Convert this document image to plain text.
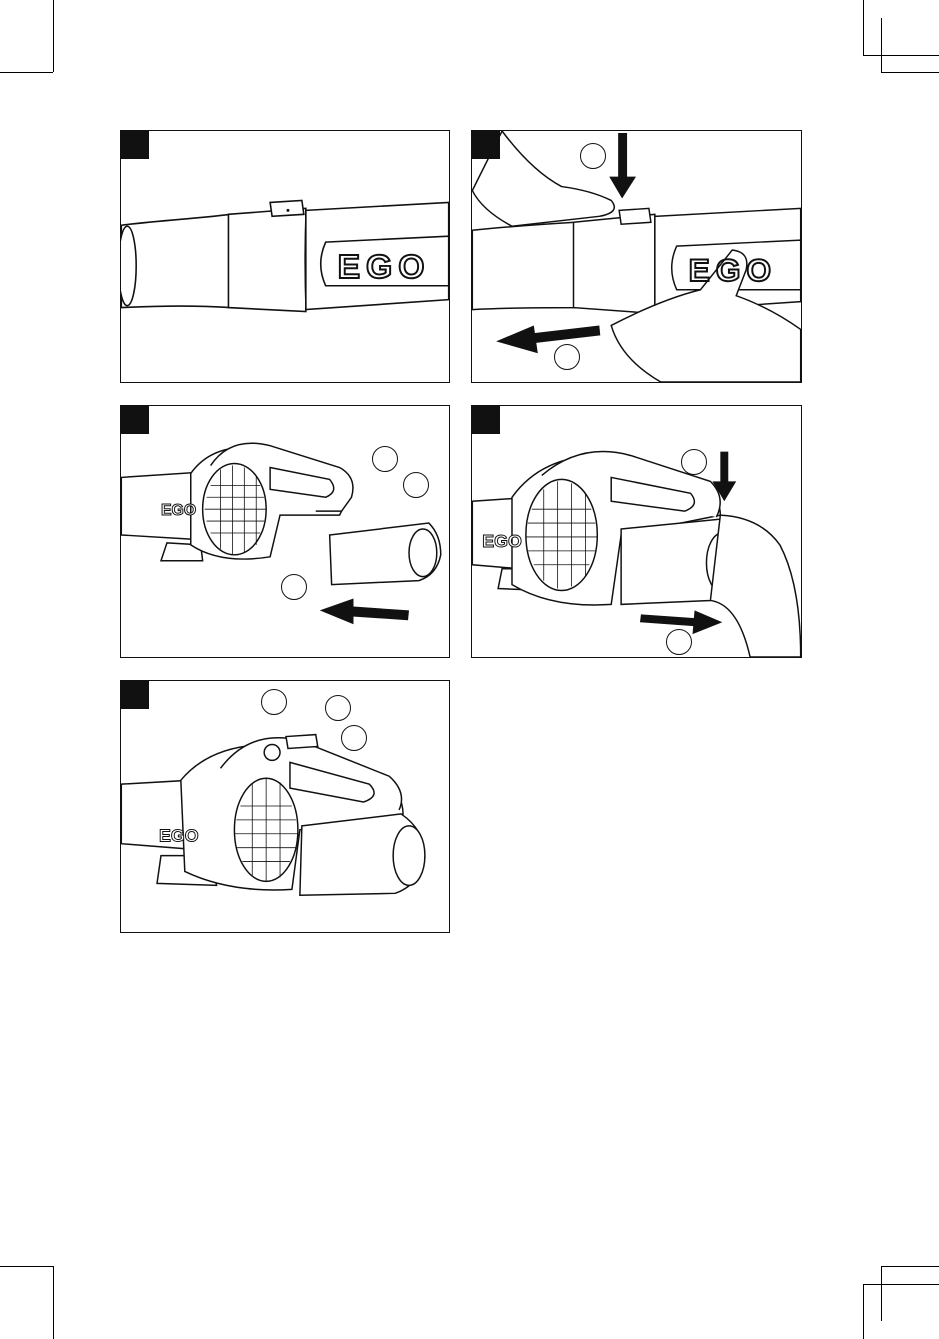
EGO	EGO
EGO
EGO
EGO
